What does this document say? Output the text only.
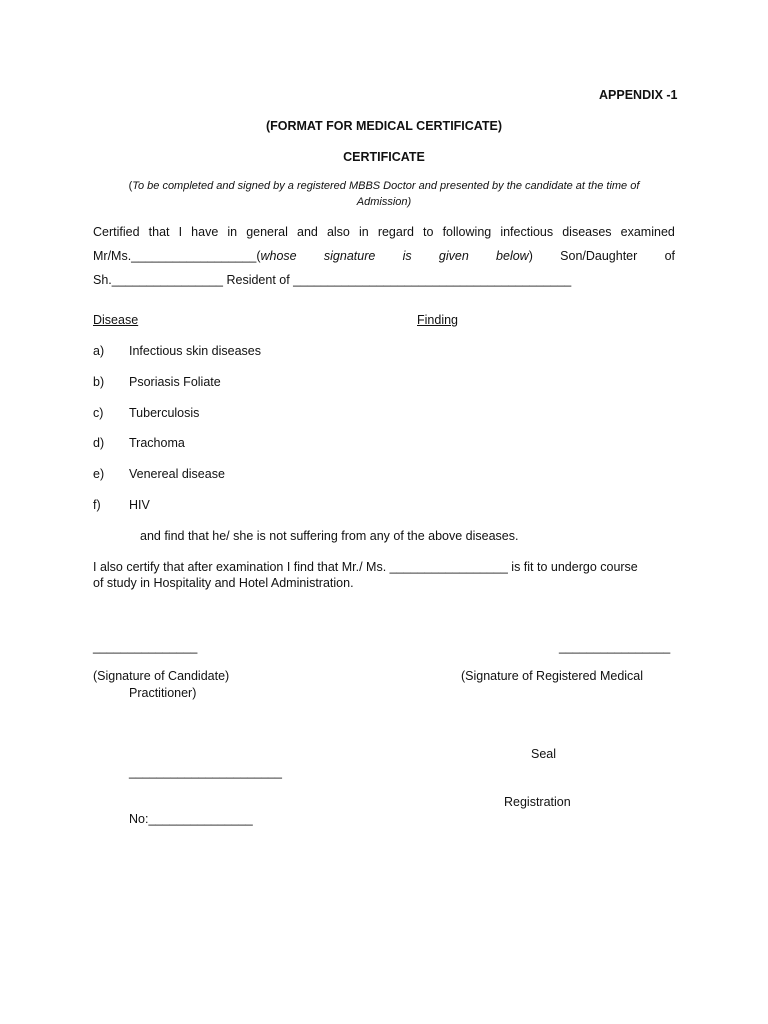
APPENDIX -1
(FORMAT FOR MEDICAL CERTIFICATE)
CERTIFICATE
(To be completed and signed by a registered MBBS Doctor and presented by the candidate at the time of
Admission)
Certified that I have in general and also in regard to following infectious diseases examined
Mr/Ms.__________________(whose signature is given below) Son/Daughter of
Sh.________________ Resident of ________________________________________
Disease	Finding
a) Infectious skin diseases
b) Psoriasis Foliate
c) Tuberculosis
d) Trachoma
e) Venereal disease
f) HIV
and find that he/ she is not suffering from any of the above diseases.
I also certify that after examination I find that Mr./ Ms. _________________ is fit to undergo course
of study in Hospitality and Hotel Administration.
_______________	________________
(Signature of Candidate)	(Signature of Registered Medical
Practitioner)
Seal
______________________
Registration
No:_______________
